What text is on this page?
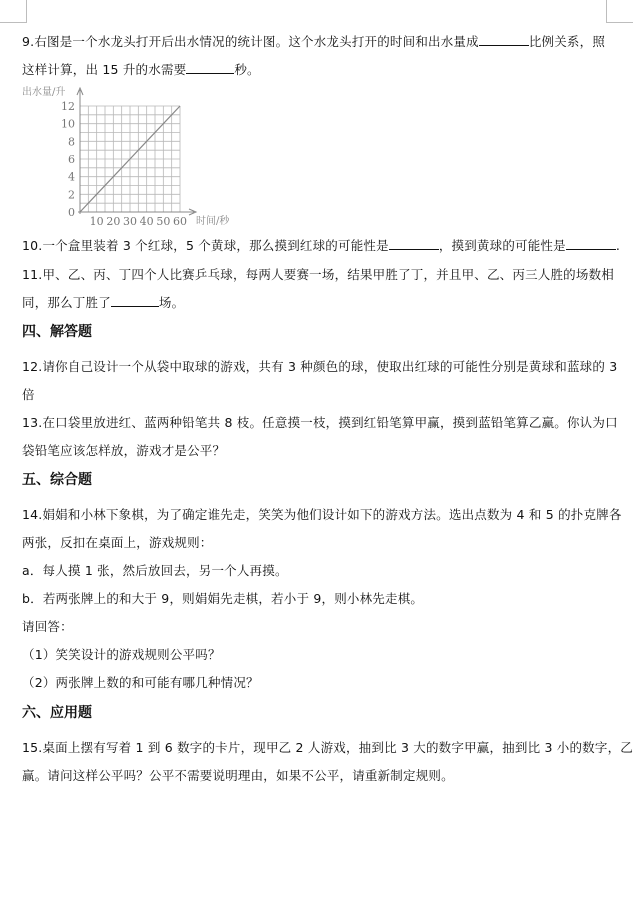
9.右图是一个水龙头打开后出水情况的统计图。这个水龙头打开的时间和出水量成	比例关系，照
这样计算，出 15 升的水需要	秒。
出水量/升
0
2
4
6
8
10
12
10 20 30 40 50 60 时间/秒
10.一个盒里装着 3 个红球，5 个黄球，那么摸到红球的可能性是	，摸到黄球的可能性是	.
11.甲、乙、丙、丁四个人比赛乒乓球，每两人要赛一场，结果甲胜了丁，并且甲、乙、丙三人胜的场数相
同，那么丁胜了	场。
四、解答题
12.请你自己设计一个从袋中取球的游戏，共有 3 种颜色的球，使取出红球的可能性分别是黄球和蓝球的 3
倍
13.在口袋里放进红、蓝两种铅笔共 8 枝。任意摸一枝，摸到红铅笔算甲赢，摸到蓝铅笔算乙赢。你认为口
袋铅笔应该怎样放，游戏才是公平？
五、综合题
14.娟娟和小林下象棋，为了确定谁先走，笑笑为他们设计如下的游戏方法。选出点数为 4 和 5 的扑克牌各
两张，反扣在桌面上，游戏规则：
a．每人摸 1 张，然后放回去，另一个人再摸。
b．若两张牌上的和大于 9，则娟娟先走棋，若小于 9，则小林先走棋。
请回答：
（1）笑笑设计的游戏规则公平吗？
（2）两张牌上数的和可能有哪几种情况？
六、应用题
15.桌面上摆有写着 1 到 6 数字的卡片，现甲乙 2 人游戏，抽到比 3 大的数字甲赢，抽到比 3 小的数字，乙
赢。请问这样公平吗？公平不需要说明理由，如果不公平，请重新制定规则。
